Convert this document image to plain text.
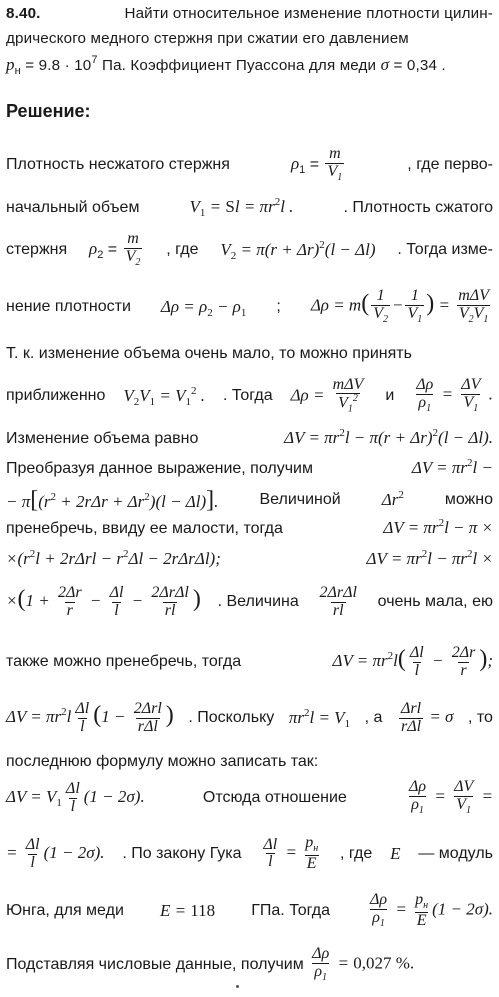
8.40.	Найти относительное изменение плотности цилин-
дрического медного стержня при сжатии его давлением
$p_н = 9.8 \cdot 10^7$ Па. Коэффициент Пуассона для меди σ = 0,34 .
Решение:
Плотность несжатого стержня	$\rho_1 = \frac{m}{V_1}$	, где перво-
начальный объем	$V_1 = Sl = \pi r^2l$ .	. Плотность сжатого
стержня $\rho_2 = \frac{m}{V_2}$ , где $V_2 = \pi(r + \Delta r)^2(l - \Delta l)$ . Тогда изме-
нение плотности $\Delta\rho = \rho_2 - \rho_1$ ; $\Delta\rho = m( \frac{1}{V_2} - \frac{1}{V_1}$ ) = $\frac{\text{mΔV}}{V_2V_1}$
Т. к. изменение объема очень мало, то можно принять
приближенно $V_2V_1 = V_1^2$ . . Тогда $\Delta\rho = \frac{\text{mΔV}}{V_1^2}$ и $\frac{\Delta\rho}{\rho_1} = \frac{\Delta V}{V_1}$ .
Изменение объема равно	$\Delta V = \pi r^2l - \pi(r + \Delta r)^2(l - \Delta l)$.
Преобразуя данное выражение, получим	$\Delta V = \pi r^2l$ −
− $\pi[(r^2 + 2r\Delta r + \Delta r^2)(l - \Delta l)]$.	Величиной $\Delta r^2$	можно
пренебречь, ввиду ее малости, тогда	$\Delta V = \pi r^2l - \pi$ ×
$\times(r^2l + 2r\Delta rl - r^2\Delta l - 2r\Delta r\Delta l)$;	$\Delta V = \pi r^2l - \pi r^2l$ ×
$\times(1 + \frac{2\Delta r}{r} - \frac{\Delta l}{l} - \frac{\text{2ΔrΔl}}{rl}$ ) . Величина $\frac{\text{2ΔrΔl}}{rl}$ очень мала, ею
также можно пренебречь, тогда	$\Delta V = \pi r^2l( \frac{\Delta l}{l} - \frac{2\Delta r}{r}$ );
$\Delta V = \pi r^2l \frac{\Delta l}{l} (1 - \frac{\text{2Δrl}}{\text{rΔl}}$ ) . Поскольку $\pi r^2l = V_1$ , а $\frac{\text{Δrl}}{\text{rΔl}} = \sigma$ , то
последнюю формулу можно записать так:
$\Delta V = V_1 \frac{\Delta l}{l} (1 - 2\sigma)$.	Отсюда отношение	$\frac{\Delta\rho}{\rho_1} = \frac{\Delta V}{V_1}$ =
= $\frac{\Delta l}{l} (1 - 2\sigma)$. . По закону Гука $\frac{\Delta l}{l} = \frac{p_н}{E}$ , где E — модуль
Юнга, для меди E = 118 ГПа. Тогда $\frac{\Delta\rho}{\rho_1} = \frac{p_н}{E} (1 - 2\sigma)$.
Подставляя числовые данные, получим
$\frac{\Delta\rho}{\rho_1} = 0,027$ %.
